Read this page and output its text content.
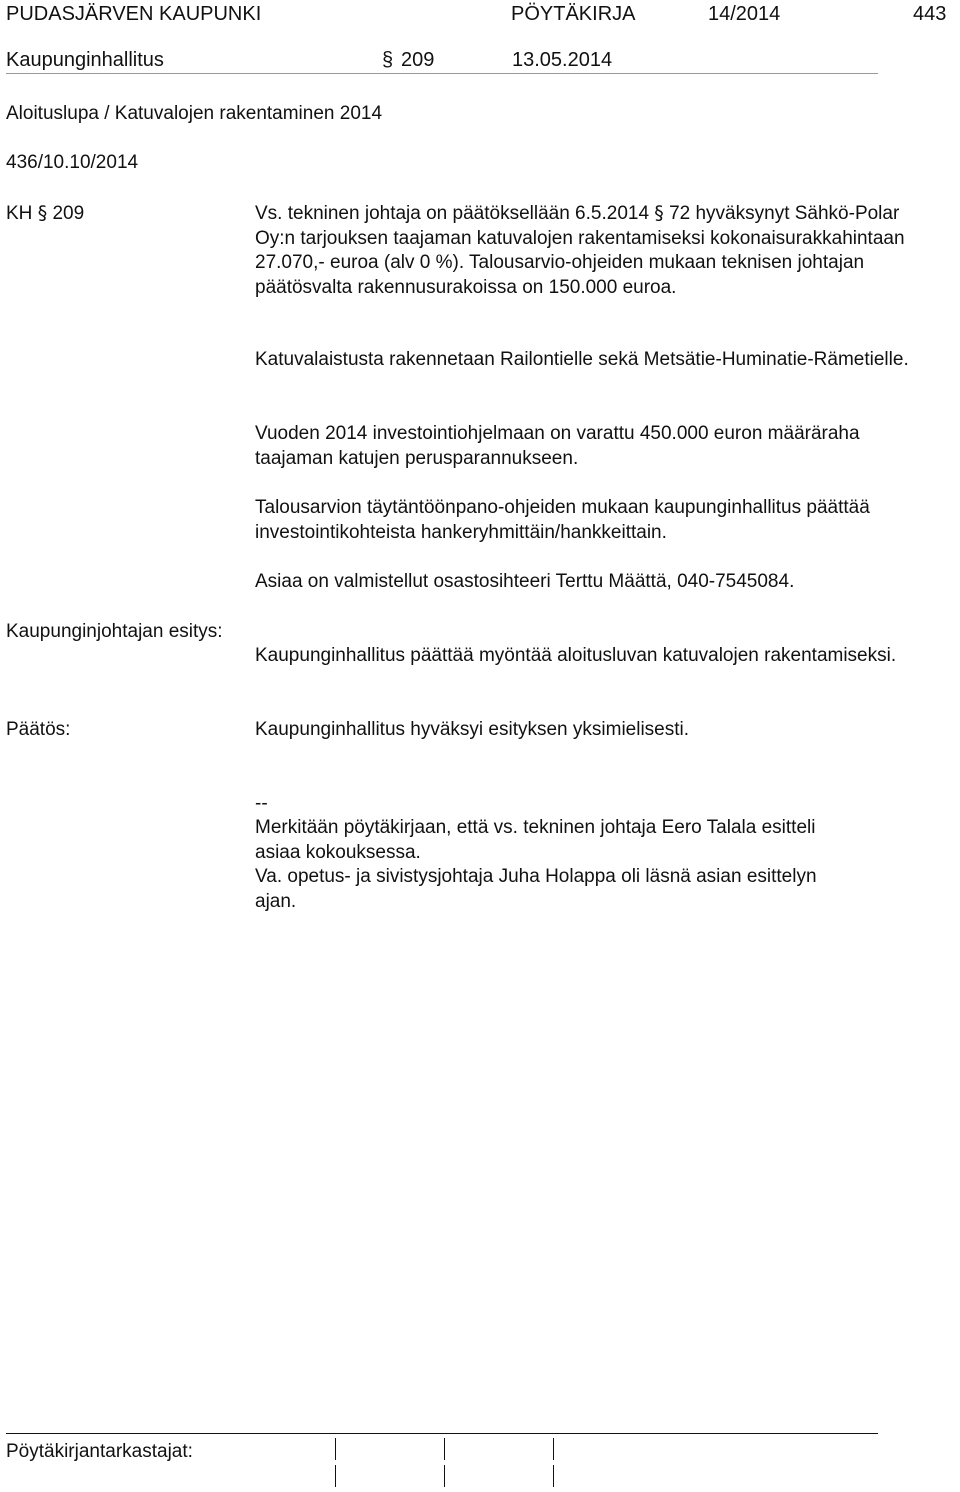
PUDASJÄRVEN KAUPUNKI	PÖYTÄKIRJA	14/2014	443
Kaupunginhallitus	§ 209	13.05.2014
Aloituslupa / Katuvalojen rakentaminen 2014
436/10.10/2014
KH § 209	Vs. tekninen johtaja on päätöksellään 6.5.2014 § 72 hyväksynyt Sähkö-Polar Oy:n tarjouksen taajaman katuvalojen rakentamiseksi kokonaisurakkahintaan 27.070,- euroa (alv 0 %). Talousarvio-ohjeiden mukaan teknisen johtajan päätösvalta rakennusurakoissa on 150.000 euroa.

Katuvalaistusta rakennetaan Railontielle sekä Metsätie-Huminatie-Rämetielle.

Vuoden 2014 investointiohjelmaan on varattu 450.000 euron määräraha taajaman katujen perusparannukseen.

Talousarvion täytäntöönpano-ohjeiden mukaan kaupunginhallitus päättää investointikohteista hankeryhmittäin/hankkeittain.

Asiaa on valmistellut osastosihteeri Terttu Määttä, 040-7545084.

Kaupunginjohtajan esitys:

Kaupunginhallitus päättää myöntää aloitusluvan katuvalojen rakentamiseksi.

Päätös:	Kaupunginhallitus hyväksyi esityksen yksimielisesti.

--

Merkitään pöytäkirjaan, että vs. tekninen johtaja Eero Talala esitteli asiaa kokouksessa.

Va. opetus- ja sivistysjohtaja Juha Holappa oli läsnä asian esittelyn ajan.

Pöytäkirjantarkastajat:
